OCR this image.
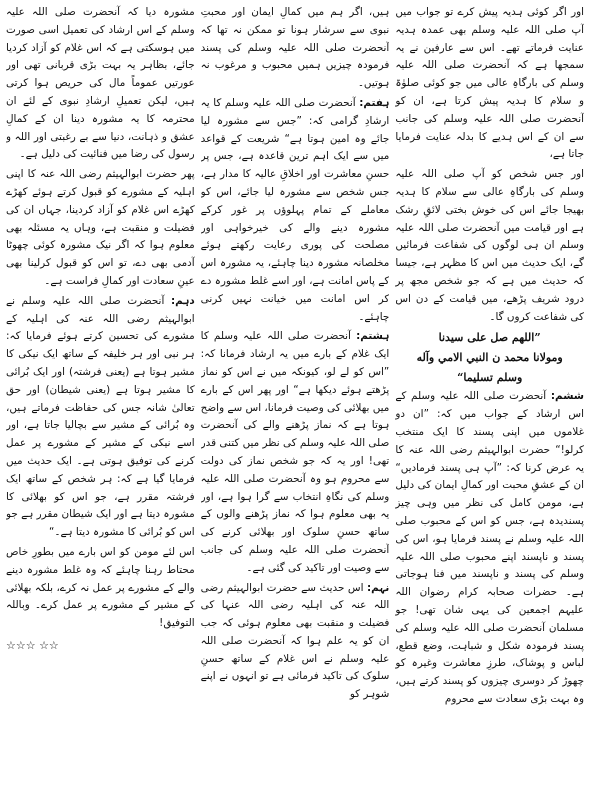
اور اگر کوئی ہدیہ پیش کرے تو جواب میں آپ صلی اللہ علیہ وسلم بھی عمدہ ہدیہ عنایت فرماتے تھے۔ اس سے عارفین نے یہ سمجھا ہے کہ آنحضرت صلی اللہ علیہ وسلم کی بارگاہِ عالی میں جو کوئی صلوٰۃ و سلام کا ہدیہ پیش کرتا ہے، ان کو آنحضرت صلی اللہ علیہ وسلم کی جانب سے ان کے اس ہدیے کا بدلہ عنایت فرمایا جاتا ہے،

اور جس شخص کو آپ صلی اللہ علیہ وسلم کی بارگاہِ عالی سے سلام کا ہدیہ بھیجا جائے اس کی خوش بختی لائقِ رشک ہے اور قیامت میں آنحضرت صلی اللہ علیہ وسلم ان ہی لوگوں کی شفاعت فرمائیں گے، ایک حدیث میں اس کا مظہر ہے، جیسا کہ حدیث میں ہے کہ جو شخص مجھ پر درود شریف پڑھے، میں قیامت کے دن اس کی شفاعت کروں گا۔

”اللهم صل على سيدنا
ومولانا محمد ن النبي الامي وآله
وسلم تسليما“

ششم: آنحضرت صلی اللہ علیہ وسلم کے اس ارشاد کے جواب میں کہ: ”ان دو غلاموں میں اپنی پسند کا ایک منتخب کرلو!“ حضرت ابوالہیثم رضی اللہ عنہ کا یہ عرض کرنا کہ: ”آپ ہی پسند فرمادیں“ ان کے عشقِ محبت اور کمالِ ایمان کی دلیل ہے، مومن کامل کی نظر میں وہی چیز پسندیدہ ہے، جس کو اس کے محبوب صلی اللہ علیہ وسلم نے پسند فرمایا ہو، اس کی پسند و ناپسند اپنے محبوب صلی اللہ علیہ وسلم کی پسند و ناپسند میں فنا ہوجاتی ہے۔ حضرات صحابہ کرام رضوان اللہ علیہم اجمعین کی یہی شان تھی! جو مسلمان آنحضرت صلی اللہ علیہ وسلم کی پسند فرمودہ شکل و شباہت، وضع قطع، لباس و پوشاک، طرزِ معاشرت وغیرہ کو چھوڑ کر دوسری چیزوں کو پسند کرتے ہیں، وہ بہت بڑی سعادت سے محروم

ہیں، اگر ہم میں کمالِ ایمان اور محبتِ نبوی سے سرشار ہونا تو ممکن نہ تھا کہ آنحضرت صلی اللہ علیہ وسلم کی پسند فرمودہ چیزیں ہمیں محبوب و مرغوب نہ ہوتیں۔

ہفتم: آنحضرت صلی اللہ علیہ وسلم کا یہ ارشادِ گرامی کہ: ”جس سے مشورہ لیا جائے وہ امین ہوتا ہے“ شریعت کے قواعد میں سے ایک اہم ترین قاعدہ ہے، جس پر حسنِ معاشرت اور اخلاقِ عالیہ کا مدار ہے، جس شخص سے مشورہ لیا جائے، اس کو معاملے کے تمام پہلوؤں پر غور کرکے مشورہ دینے والے کی خیرخواہی اور مصلحت کی پوری رعایت رکھتے ہوئے مخلصانہ مشورہ دینا چاہئے، یہ مشورہ اس کے پاس امانت ہے، اور اسے غلط مشورہ دے کر اس امانت میں خیانت نہیں کرنی چاہئے۔

ہشتم: آنحضرت صلی اللہ علیہ وسلم کا ایک غلام کے بارے میں یہ ارشاد فرمانا کہ: ”اس کو لے لو، کیونکہ میں نے اس کو نماز پڑھتے ہوئے دیکھا ہے“ اور پھر اس کے بارے میں بھلائی کی وصیت فرمانا، اس سے واضح ہوتا ہے کہ نماز پڑھنے والے کی آنحضرت صلی اللہ علیہ وسلم کی نظر میں کتنی قدر تھی! اور یہ کہ جو شخص نماز کی دولت سے محروم ہو وہ آنحضرت صلی اللہ علیہ وسلم کی نگاہِ انتخاب سے گرا ہوا ہے، اور یہ بھی معلوم ہوا کہ نماز پڑھنے والوں کے ساتھ حسنِ سلوک اور بھلائی کرنے کی آنحضرت صلی اللہ علیہ وسلم کی جانب سے وصیت اور تاکید کی گئی ہے۔

نہم: اس حدیث سے حضرت ابوالہیثم رضی اللہ عنہ کی اہلیہ رضی اللہ عنہا کی فضیلت و منقبت بھی معلوم ہوئی کہ جب ان کو یہ علم ہوا کہ آنحضرت صلی اللہ علیہ وسلم نے اس غلام کے ساتھ حسنِ سلوک کی تاکید فرمائی ہے تو انہوں نے اپنے شوہر کو

مشورہ دیا کہ آنحضرت صلی اللہ علیہ وسلم کے اس ارشاد کی تعمیل اسی صورت میں ہوسکتی ہے کہ اس غلام کو آزاد کردیا جائے، بظاہر یہ بہت بڑی قربانی تھی اور عورتیں عموماً مال کی حریص ہوا کرتی ہیں، لیکن تعمیلِ ارشادِ نبوی کے لئے ان محترمہ کا یہ مشورہ دینا ان کے کمالِ عشق و ذہانت، دنیا سے بے رغبتی اور اللہ و رسول کی رضا میں فنائیت کی دلیل ہے۔

پھر حضرت ابوالہیثم رضی اللہ عنہ کا اپنی اہلیہ کے مشورے کو قبول کرتے ہوئے کھڑے کھڑے اس غلام کو آزاد کردینا، جہاں ان کی فضیلت و منقبت ہے، وہاں یہ مسئلہ بھی معلوم ہوا کہ اگر نیک مشورہ کوئی چھوٹا آدمی بھی دے، تو اس کو قبول کرلینا بھی عینِ سعادت اور کمالِ فراست ہے۔

دہم: آنحضرت صلی اللہ علیہ وسلم نے ابوالہیثم رضی اللہ عنہ کی اہلیہ کے مشورے کی تحسین کرتے ہوئے فرمایا کہ: ہر نبی اور ہر خلیفہ کے ساتھ ایک نیکی کا مشیر ہوتا ہے (یعنی فرشتہ) اور ایک بُرائی کا مشیر ہوتا ہے (یعنی شیطان) اور حق تعالیٰ شانہ جس کی حفاظت فرماتے ہیں، وہ بُرائی کے مشیر سے بچالیا جاتا ہے، اور اسے نیکی کے مشیر کے مشورے پر عمل کرنے کی توفیق ہوتی ہے۔ ایک حدیث میں فرمایا گیا ہے کہ: ہر شخص کے ساتھ ایک فرشتہ مقرر ہے، جو اس کو بھلائی کا مشورہ دیتا ہے اور ایک شیطان مقرر ہے جو اس کو بُرائی کا مشورہ دیتا ہے۔“

اس لئے مومن کو اس بارے میں بطورِ خاص محتاط رہنا چاہئے کہ وہ غلط مشورہ دینے والے کے مشورے پر عمل نہ کرے، بلکہ بھلائی کے مشیر کے مشورے پر عمل کرے۔ وباللہ التوفیق!

☆☆☆ ☆☆
